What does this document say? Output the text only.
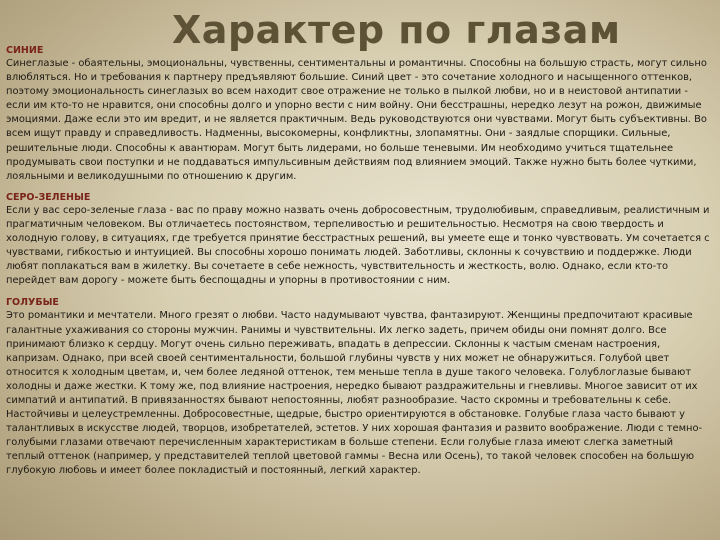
Характер по глазам
СИНИЕ

Синеглазые - обаятельны, эмоциональны, чувственны, сентиментальны и романтичны. Способны на большую страсть, могут сильно влюбляться. Но и требования к партнеру предъявляют большие. Синий цвет - это сочетание холодного и насыщенного оттенков, поэтому эмоциональность синеглазых во всем находит свое отражение не только в пылкой любви, но и в неистовой антипатии - если им кто-то не нравится, они способны долго и упорно вести с ним войну. Они бесстрашны, нередко лезут на рожон, движимые эмоциями. Даже если это им вредит, и не является практичным. Ведь руководствуются они чувствами. Могут быть субъективны. Во всем ищут правду и справедливость. Надменны, высокомерны, конфликтны, злопамятны. Они - заядлые спорщики. Сильные, решительные люди. Способны к авантюрам. Могут быть лидерами, но больше теневыми. Им необходимо учиться тщательнее продумывать свои поступки и не поддаваться импульсивным действиям под влиянием эмоций. Также нужно быть более чуткими, лояльными и великодушными по отношению к другим.

СЕРО-ЗЕЛЕНЫЕ

Если у вас серо-зеленые глаза - вас по праву можно назвать очень добросовестным, трудолюбивым, справедливым, реалистичным и прагматичным человеком. Вы отличаетесь постоянством, терпеливостью и решительностью. Несмотря на свою твердость и холодную голову, в ситуациях, где требуется принятие бесстрастных решений, вы умеете еще и тонко чувствовать. Ум сочетается с чувствами, гибкостью и интуицией. Вы способны хорошо понимать людей. Заботливы, склонны к сочувствию и поддержке. Люди любят поплакаться вам в жилетку. Вы сочетаете в себе нежность, чувствительность и жесткость, волю. Однако, если кто-то перейдет вам дорогу - можете быть беспощадны и упорны в противостоянии с ним.

ГОЛУБЫЕ

Это романтики и мечтатели. Много грезят о любви. Часто надумывают чувства, фантазируют. Женщины предпочитают красивые галантные ухаживания со стороны мужчин. Ранимы и чувствительны. Их легко задеть, причем обиды они помнят долго. Все принимают близко к сердцу. Могут очень сильно переживать, впадать в депрессии. Склонны к частым сменам настроения, капризам. Однако, при всей своей сентиментальности, большой глубины чувств у них может не обнаружиться. Голубой цвет относится к холодным цветам, и, чем более ледяной оттенок, тем меньше тепла в душе такого человека. Голублоглазые бывают холодны и даже жестки. К тому же, под влияние настроения, нередко бывают раздражительны и гневливы. Многое зависит от их симпатий и антипатий. В привязанностях бывают непостоянны, любят разнообразие. Часто скромны и требовательны к себе. Настойчивы и целеустремленны. Добросовестные, щедрые, быстро ориентируются в обстановке. Голубые глаза часто бывают у талантливых в искусстве людей, творцов, изобретателей, эстетов. У них хорошая фантазия и развито воображение. Люди с темно-голубыми глазами отвечают перечисленным характеристикам в больше степени. Если голубые глаза имеют слегка заметный теплый оттенок (например, у представителей теплой цветовой гаммы - Весна или Осень), то такой человек способен на большую глубокую любовь и имеет более покладистый и постоянный, легкий характер.
